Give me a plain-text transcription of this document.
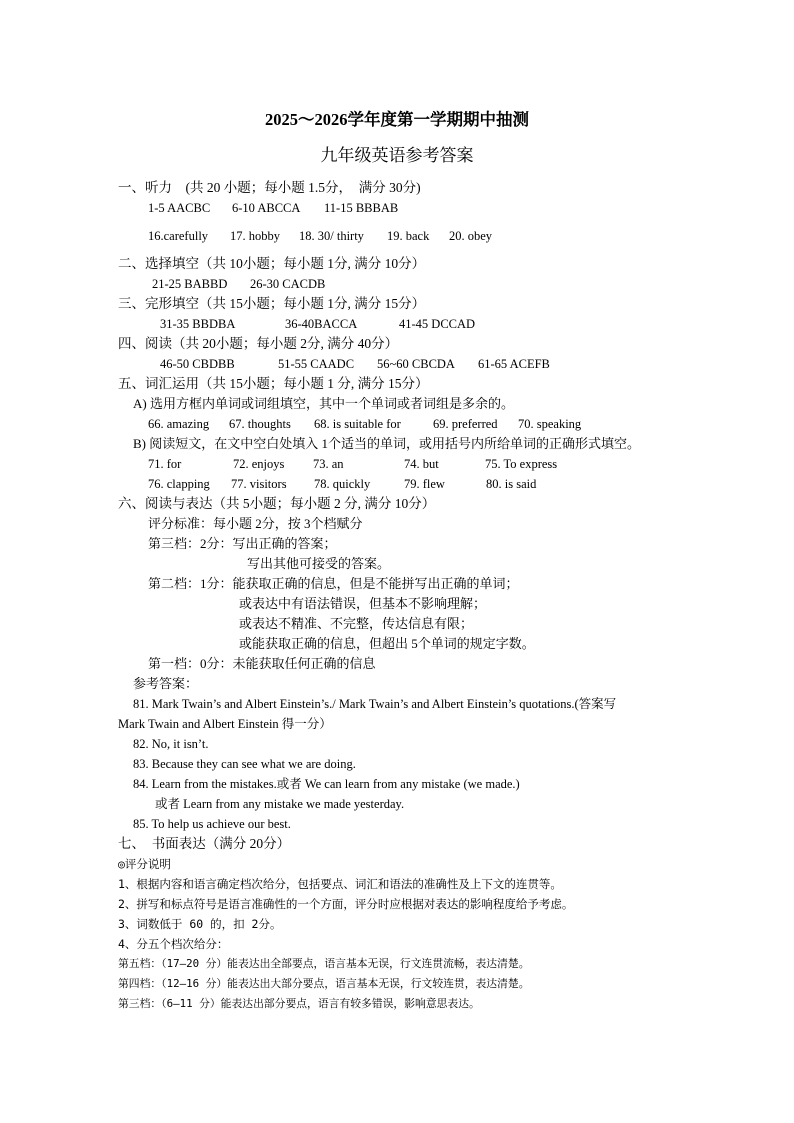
2025～2026学年度第一学期期中抽测
九年级英语参考答案
一、听力　(共 20 小题；每小题 1.5分，　满分 30分)
1-5 AACBC 6-10 ABCCA 11-15 BBBAB
16.carefully 17. hobby 18. 30/ thirty 19. back 20. obey
二、选择填空（共 10小题；每小题 1分, 满分 10分）
21-25 BABBD 26-30 CACDB
三、完形填空（共 15小题；每小题 1分, 满分 15分）
31-35 BBDBA	36-40BACCA	41-45 DCCAD
四、阅读（共 20小题；每小题 2分, 满分 40分）
46-50 CBDBB	51-55 CAADC 56~60 CBCDA 61-65 ACEFB
五、词汇运用（共 15小题；每小题 1 分, 满分 15分）
A) 选用方框内单词或词组填空，其中一个单词或者词组是多余的。
66. amazing 67. thoughts 68. is suitable for	69. preferred 70. speaking
B) 阅读短文，在文中空白处填入 1个适当的单词，或用括号内所给单词的正确形式填空。
71. for	72. enjoys 73. an	74. but	75. To express
76. clapping 77. visitors 78. quickly	79. flew	80. is said
六、阅读与表达（共 5小题；每小题 2 分, 满分 10分）
评分标准：每小题 2分，按 3个档赋分
第三档：2分：写出正确的答案；
写出其他可接受的答案。
第二档：1分：能获取正确的信息，但是不能拼写出正确的单词；
或表达中有语法错误，但基本不影响理解；
或表达不精准、不完整，传达信息有限；
或能获取正确的信息，但超出 5个单词的规定字数。
第一档：0分：未能获取任何正确的信息
参考答案：
81. Mark Twain’s and Albert Einstein’s./ Mark Twain’s and Albert Einstein’s quotations.(答案写
Mark Twain and Albert Einstein 得一分）
82. No, it isn’t.
83. Because they can see what we are doing.
84. Learn from the mistakes.或者 We can learn from any mistake (we made.)
或者 Learn from any mistake we made yesterday.
85. To help us achieve our best.
七、　书面表达（满分 20分）
◎评分说明
1、根据内容和语言确定档次给分，包括要点、词汇和语法的准确性及上下文的连贯等。
2、拼写和标点符号是语言准确性的一个方面，评分时应根据对表达的影响程度给予考虑。
3、词数低于 60 的，扣 2分。
4、分五个档次给分：
第五档：（17—20 分）能表达出全部要点，语言基本无误，行文连贯流畅，表达清楚。
第四档：（12—16 分）能表达出大部分要点，语言基本无误，行文较连贯，表达清楚。
第三档：（6—11 分）能表达出部分要点，语言有较多错误，影响意思表达。
